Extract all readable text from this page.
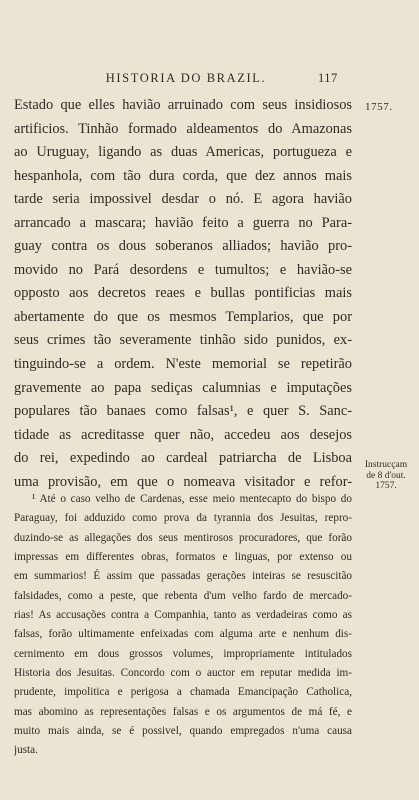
HISTORIA DO BRAZIL.	117
1757.
Estado que elles havião arruinado com seus insidiosos
artificios. Tinhão formado aldeamentos do Amazonas
ao Uruguay, ligando as duas Americas, portugueza e
hespanhola, com tão dura corda, que dez annos mais
tarde seria impossivel desdar o nó. E agora havião
arrancado a mascara; havião feito a guerra no Para-
guay contra os dous soberanos alliados; havião pro-
movido no Pará desordens e tumultos; e havião-se
opposto aos decretos reaes e bullas pontificias mais
abertamente do que os mesmos Templarios, que por
seus crimes tão severamente tinhão sido punidos, ex-
tinguindo-se a ordem. N'este memorial se repetirão
gravemente ao papa sediças calumnias e imputações
populares tão banaes como falsas¹, e quer S. Sanc-
tidade as acreditasse quer não, accedeu aos desejos
do rei, expedindo ao cardeal patriarcha de Lisboa
uma provisão, em que o nomeava visitador e refor-
Instrucçam
de 8 d'out.
1757.
¹ Até o caso velho de Cardenas, esse meio mentecapto do bispo do
Paraguay, foi adduzido como prova da tyrannia dos Jesuitas, repro-
duzindo-se as allegações dos seus mentirosos procuradores, que forão
impressas em differentes obras, formatos e linguas, por extenso ou
em summarios! É assim que passadas gerações inteiras se resuscitão
falsidades, como a peste, que rebenta d'um velho fardo de mercado-
rias! As accusações contra a Companhia, tanto as verdadeiras como as
falsas, forão ultimamente enfeixadas com alguma arte e nenhum dis-
cernimento em dous grossos volumes, impropriamente intitulados
Historia dos Jesuitas. Concordo com o auctor em reputar medida im-
prudente, impolitica e perigosa a chamada Emancipação Catholica,
mas abomino as representações falsas e os argumentos de má fé, e
muito mais ainda, se é possivel, quando empregados n'uma causa
justa.
